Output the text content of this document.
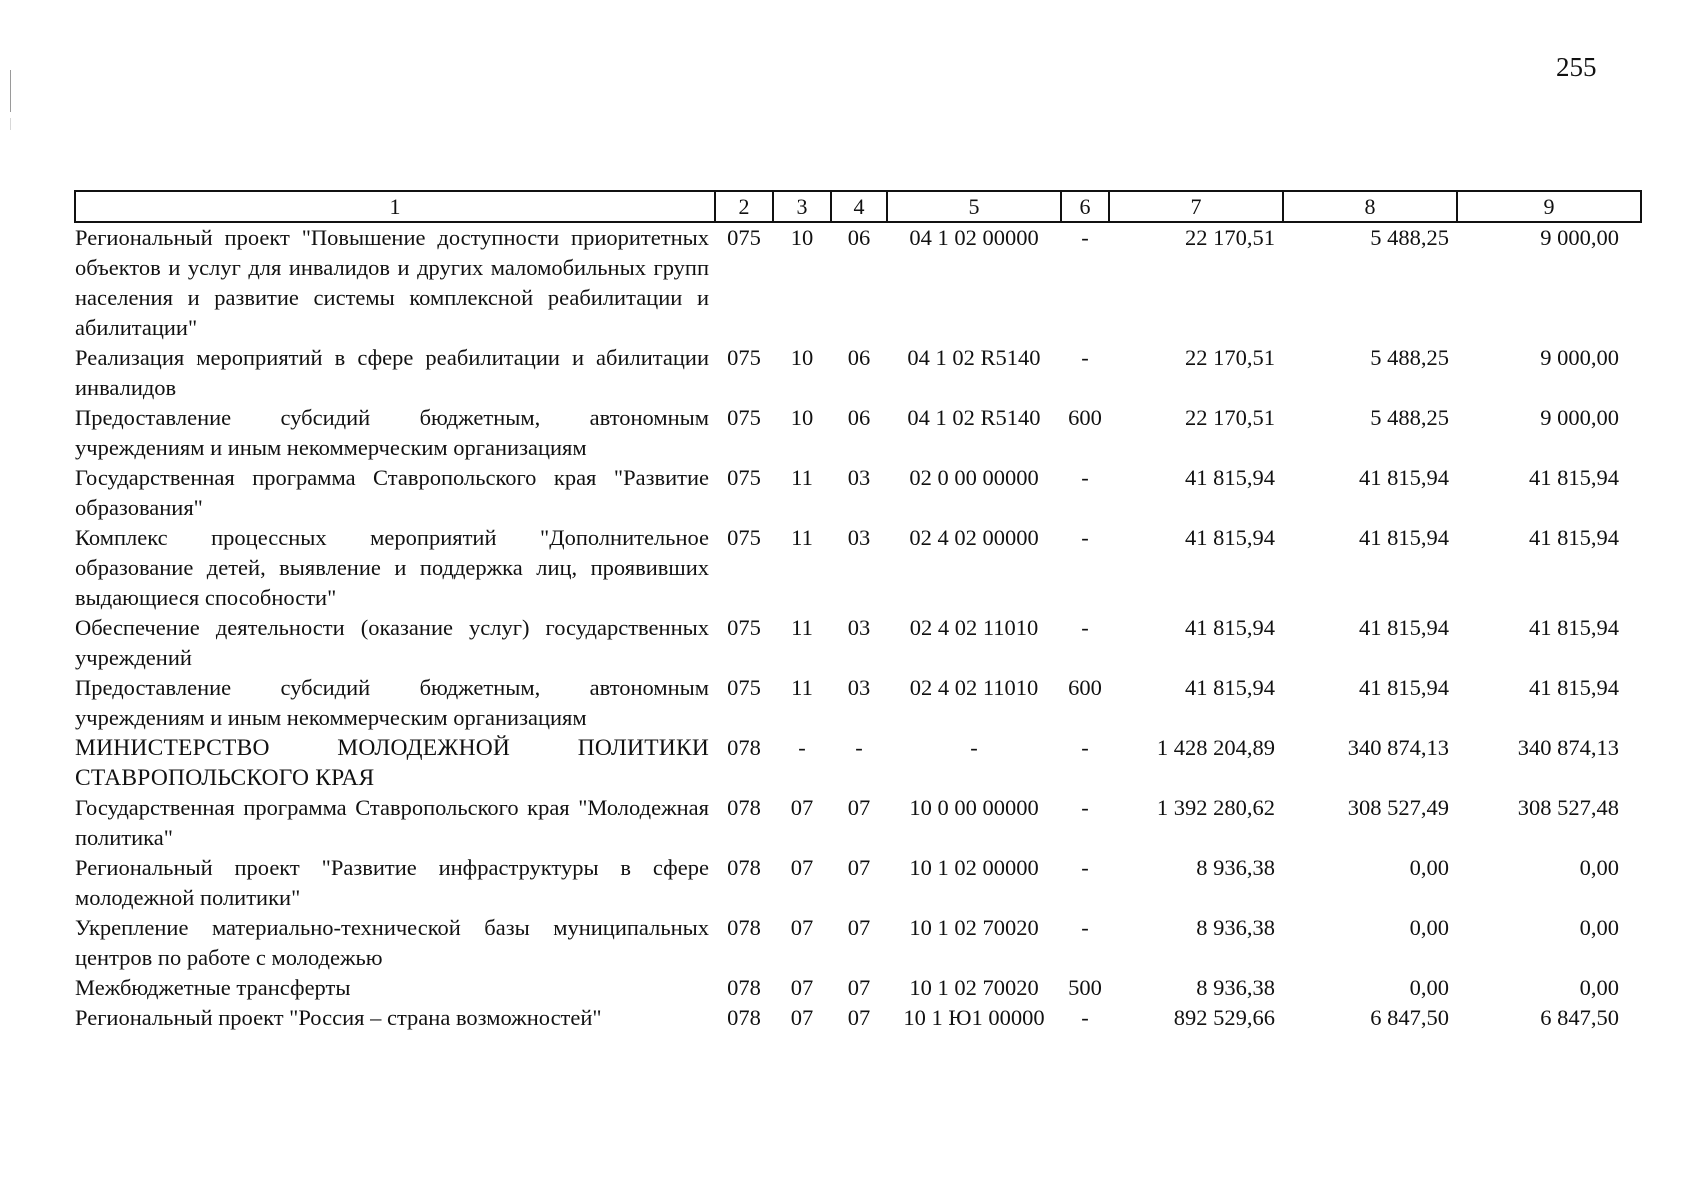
255
1	2	3	4	5	6	7	8	9
Региональный проект "Повышение доступности приоритетных объектов и услуг для инвалидов и других маломобильных групп населения и развитие системы комплексной реабилитации и абилитации"	075	10	06	04 1 02 00000	-	22 170,51	5 488,25	9 000,00
Реализация мероприятий в сфере реабилитации и абилитации инвалидов	075	10	06	04 1 02 R5140	-	22 170,51	5 488,25	9 000,00
Предоставление субсидий бюджетным, автономным учреждениям и иным некоммерческим организациям	075	10	06	04 1 02 R5140	600	22 170,51	5 488,25	9 000,00
Государственная программа Ставропольского края "Развитие образования"	075	11	03	02 0 00 00000	-	41 815,94	41 815,94	41 815,94
Комплекс процессных мероприятий "Дополнительное образование детей, выявление и поддержка лиц, проявивших выдающиеся способности"	075	11	03	02 4 02 00000	-	41 815,94	41 815,94	41 815,94
Обеспечение деятельности (оказание услуг) государственных учреждений	075	11	03	02 4 02 11010	-	41 815,94	41 815,94	41 815,94
Предоставление субсидий бюджетным, автономным учреждениям и иным некоммерческим организациям	075	11	03	02 4 02 11010	600	41 815,94	41 815,94	41 815,94
МИНИСТЕРСТВО МОЛОДЕЖНОЙ ПОЛИТИКИ СТАВРОПОЛЬСКОГО КРАЯ	078	-	-	-	-	1 428 204,89	340 874,13	340 874,13
Государственная программа Ставропольского края "Молодежная политика"	078	07	07	10 0 00 00000	-	1 392 280,62	308 527,49	308 527,48
Региональный проект "Развитие инфраструктуры в сфере молодежной политики"	078	07	07	10 1 02 00000	-	8 936,38	0,00	0,00
Укрепление материально-технической базы муниципальных центров по работе с молодежью	078	07	07	10 1 02 70020	-	8 936,38	0,00	0,00
Межбюджетные трансферты	078	07	07	10 1 02 70020	500	8 936,38	0,00	0,00
Региональный проект "Россия – страна возможностей"	078	07	07	10 1 Ю1 00000	-	892 529,66	6 847,50	6 847,50
